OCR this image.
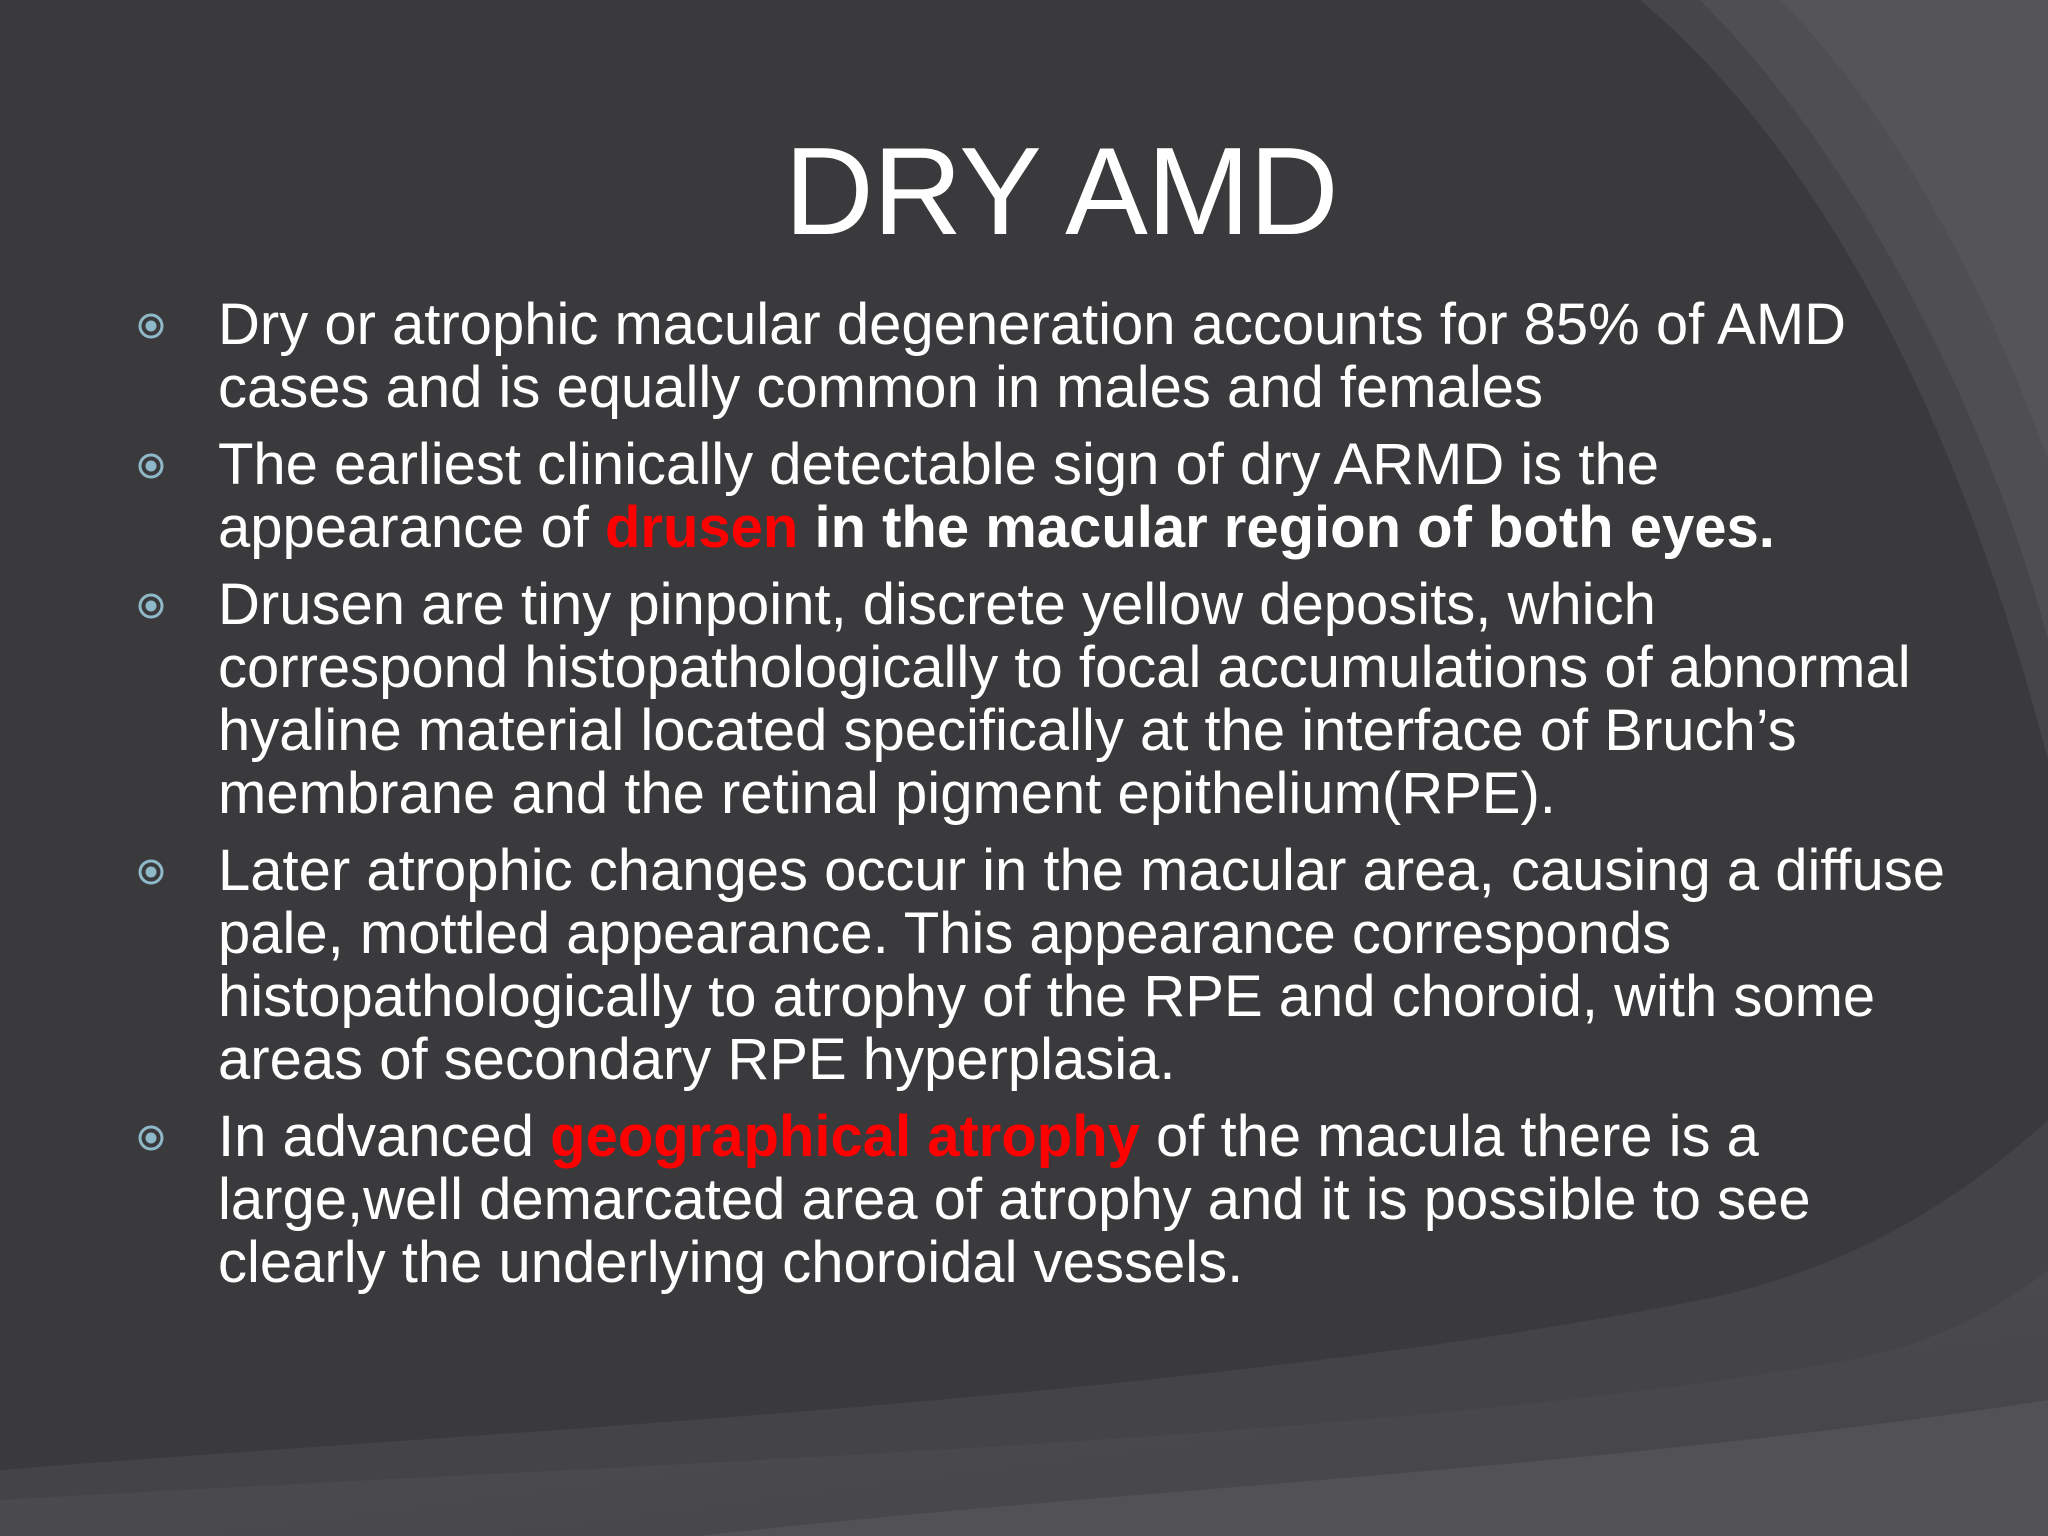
DRY AMD
Dry or atrophic macular degeneration accounts for 85% of AMD cases and is equally common in males and females
The earliest clinically detectable sign of dry ARMD is the appearance of drusen in the macular region of both eyes.
Drusen are tiny pinpoint, discrete yellow deposits, which correspond histopathologically to focal accumulations of abnormal hyaline material located specifically at the interface of Bruch’s membrane and the retinal pigment epithelium(RPE).
Later atrophic changes occur in the macular area, causing a diffuse pale, mottled appearance. This appearance corresponds histopathologically to atrophy of the RPE and choroid, with some areas of secondary RPE hyperplasia.
In advanced geographical atrophy of the macula there is a large,well demarcated area of atrophy and it is possible to see clearly the underlying choroidal vessels.
